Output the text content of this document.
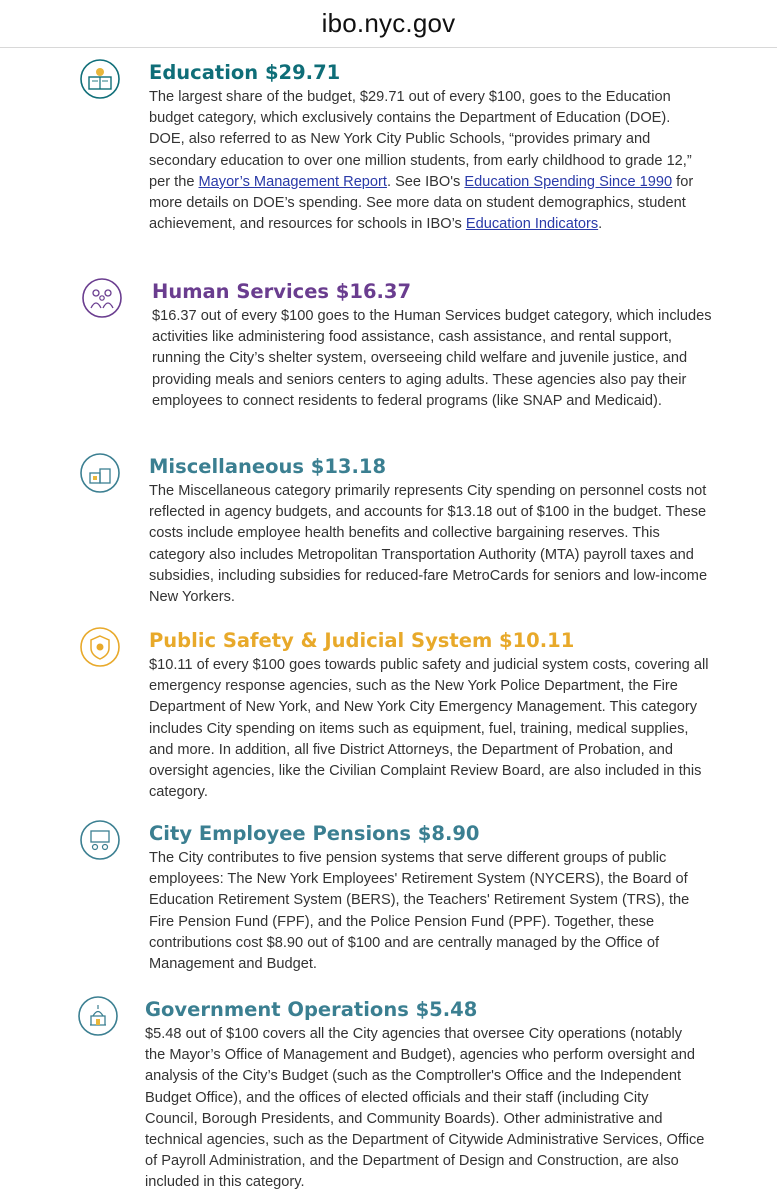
ibo.nyc.gov
Education $29.71
The largest share of the budget, $29.71 out of every $100, goes to the Education budget category, which exclusively contains the Department of Education (DOE). DOE, also referred to as New York City Public Schools, “provides primary and secondary education to over one million students, from early childhood to grade 12,” per the Mayor’s Management Report. See IBO's Education Spending Since 1990 for more details on DOE’s spending. See more data on student demographics, student achievement, and resources for schools in IBO’s Education Indicators.
Human Services $16.37
$16.37 out of every $100 goes to the Human Services budget category, which includes activities like administering food assistance, cash assistance, and rental support, running the City’s shelter system, overseeing child welfare and juvenile justice, and providing meals and seniors centers to aging adults. These agencies also pay their employees to connect residents to federal programs (like SNAP and Medicaid).
Miscellaneous $13.18
The Miscellaneous category primarily represents City spending on personnel costs not reflected in agency budgets, and accounts for $13.18 out of $100 in the budget. These costs include employee health benefits and collective bargaining reserves. This category also includes Metropolitan Transportation Authority (MTA) payroll taxes and subsidies, including subsidies for reduced-fare MetroCards for seniors and low-income New Yorkers.
Public Safety & Judicial System $10.11
$10.11 of every $100 goes towards public safety and judicial system costs, covering all emergency response agencies, such as the New York Police Department, the Fire Department of New York, and New York City Emergency Management. This category includes City spending on items such as equipment, fuel, training, medical supplies, and more. In addition, all five District Attorneys, the Department of Probation, and oversight agencies, like the Civilian Complaint Review Board, are also included in this category.
City Employee Pensions $8.90
The City contributes to five pension systems that serve different groups of public employees: The New York Employees' Retirement System (NYCERS), the Board of Education Retirement System (BERS), the Teachers' Retirement System (TRS), the Fire Pension Fund (FPF), and the Police Pension Fund (PPF). Together, these contributions cost $8.90 out of $100 and are centrally managed by the Office of Management and Budget.
Government Operations $5.48
$5.48 out of $100 covers all the City agencies that oversee City operations (notably the Mayor’s Office of Management and Budget), agencies who perform oversight and analysis of the City’s Budget (such as the Comptroller's Office and the Independent Budget Office), and the offices of elected officials and their staff (including City Council, Borough Presidents, and Community Boards). Other administrative and technical agencies, such as the Department of Citywide Administrative Services, Office of Payroll Administration, and the Department of Design and Construction, are also included in this category.
